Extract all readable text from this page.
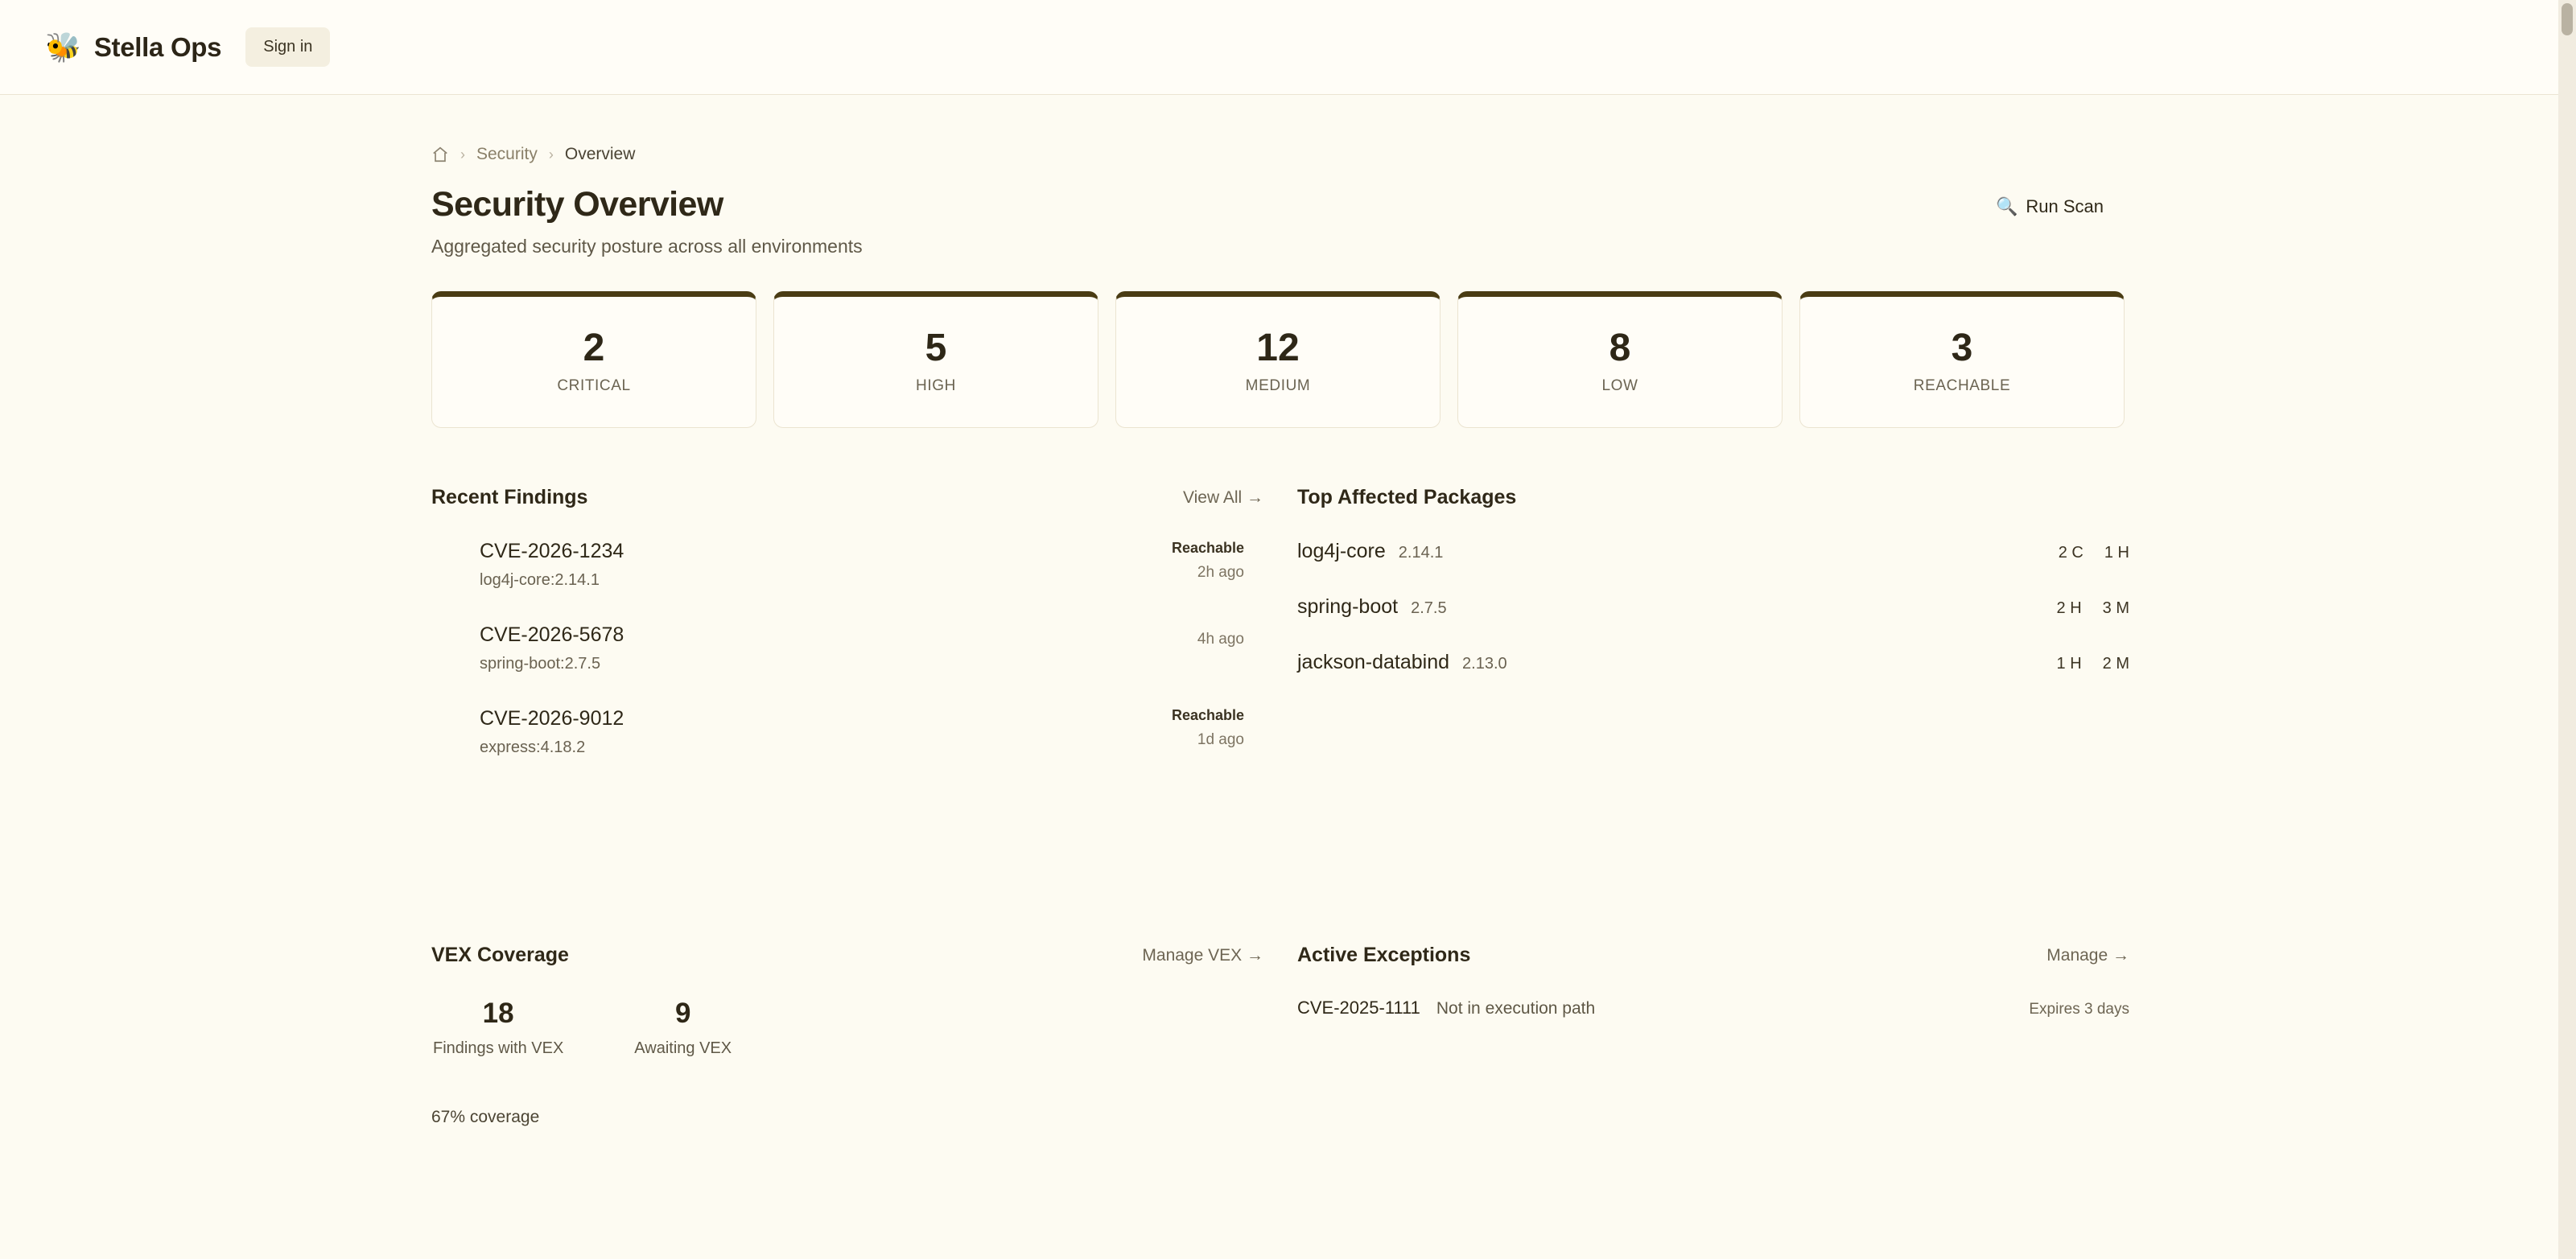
🐝 Stella Ops	Sign in
› Security › Overview
Security Overview
Aggregated security posture across all environments
🔍 Run Scan
2
CRITICAL
5
HIGH
12
MEDIUM
8
LOW
3
REACHABLE
Recent Findings	View All →
CVE-2026-1234
log4j-core:2.14.1
Reachable
2h ago
CVE-2026-5678
spring-boot:2.7.5
4h ago
CVE-2026-9012
express:4.18.2
Reachable
1d ago
Top Affected Packages
log4j-core 2.14.1	2 C 1 H
spring-boot 2.7.5	2 H 3 M
jackson-databind 2.13.0	1 H 2 M
VEX Coverage	Manage VEX →
18
Findings with VEX
9
Awaiting VEX
67% coverage
Active Exceptions	Manage →
CVE-2025-1111 Not in execution path	Expires 3 days
